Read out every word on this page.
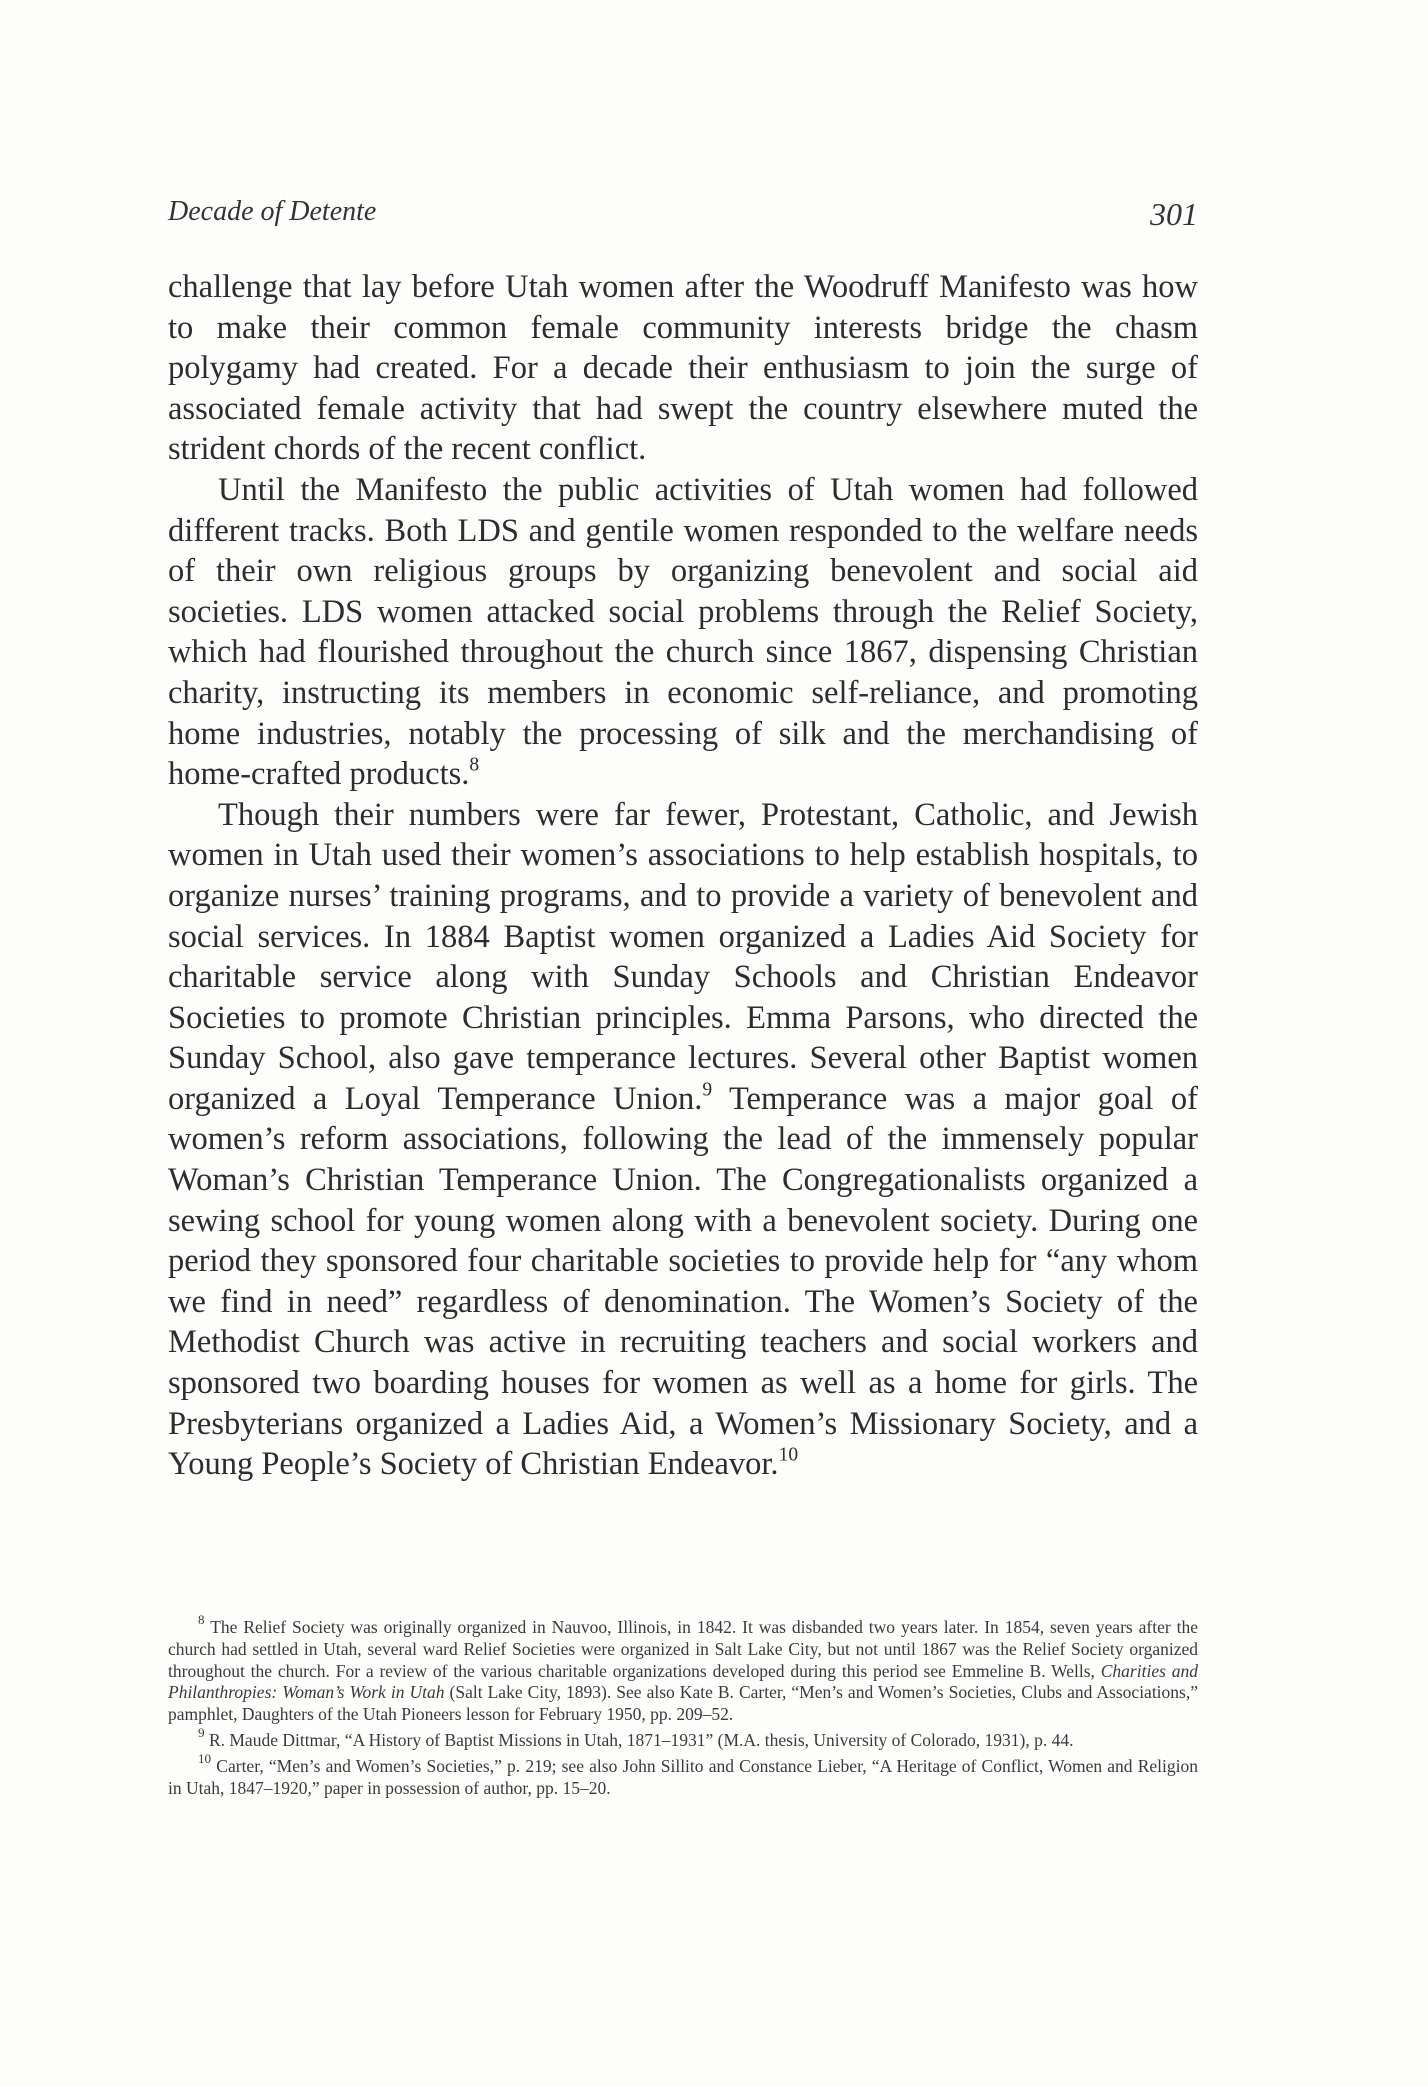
Decade of Detente	301

challenge that lay before Utah women after the Woodruff Manifesto was how to make their common female community interests bridge the chasm polygamy had created. For a decade their enthusiasm to join the surge of associated female activity that had swept the country elsewhere muted the strident chords of the recent conflict.

Until the Manifesto the public activities of Utah women had followed different tracks. Both LDS and gentile women responded to the welfare needs of their own religious groups by organizing benevolent and social aid societies. LDS women attacked social problems through the Relief Society, which had flourished throughout the church since 1867, dispensing Christian charity, instructing its members in economic self-reliance, and promoting home industries, notably the processing of silk and the merchandising of home-crafted products.$^8$

Though their numbers were far fewer, Protestant, Catholic, and Jewish women in Utah used their women’s associations to help establish hospitals, to organize nurses’ training programs, and to provide a variety of benevolent and social services. In 1884 Baptist women organized a Ladies Aid Society for charitable service along with Sunday Schools and Christian Endeavor Societies to promote Christian principles. Emma Parsons, who directed the Sunday School, also gave temperance lectures. Several other Baptist women organized a Loyal Temperance Union.$^9$ Temperance was a major goal of women’s reform associations, following the lead of the immensely popular Woman’s Christian Temperance Union. The Congregationalists organized a sewing school for young women along with a benevolent society. During one period they sponsored four charitable societies to provide help for “any whom we find in need” regardless of denomination. The Women’s Society of the Methodist Church was active in recruiting teachers and social workers and sponsored two boarding houses for women as well as a home for girls. The Presbyterians organized a Ladies Aid, a Women’s Missionary Society, and a Young People’s Society of Christian Endeavor.$^{10}$

$^8$ The Relief Society was originally organized in Nauvoo, Illinois, in 1842. It was disbanded two years later. In 1854, seven years after the church had settled in Utah, several ward Relief Societies were organized in Salt Lake City, but not until 1867 was the Relief Society organized throughout the church. For a review of the various charitable organizations developed during this period see Emmeline B. Wells, Charities and Philanthropies: Woman’s Work in Utah (Salt Lake City, 1893). See also Kate B. Carter, “Men’s and Women’s Societies, Clubs and Associations,” pamphlet, Daughters of the Utah Pioneers lesson for February 1950, pp. 209–52.

$^9$ R. Maude Dittmar, “A History of Baptist Missions in Utah, 1871–1931” (M.A. thesis, University of Colorado, 1931), p. 44.

$^{10}$ Carter, “Men’s and Women’s Societies,” p. 219; see also John Sillito and Constance Lieber, “A Heritage of Conflict, Women and Religion in Utah, 1847–1920,” paper in possession of author, pp. 15–20.
